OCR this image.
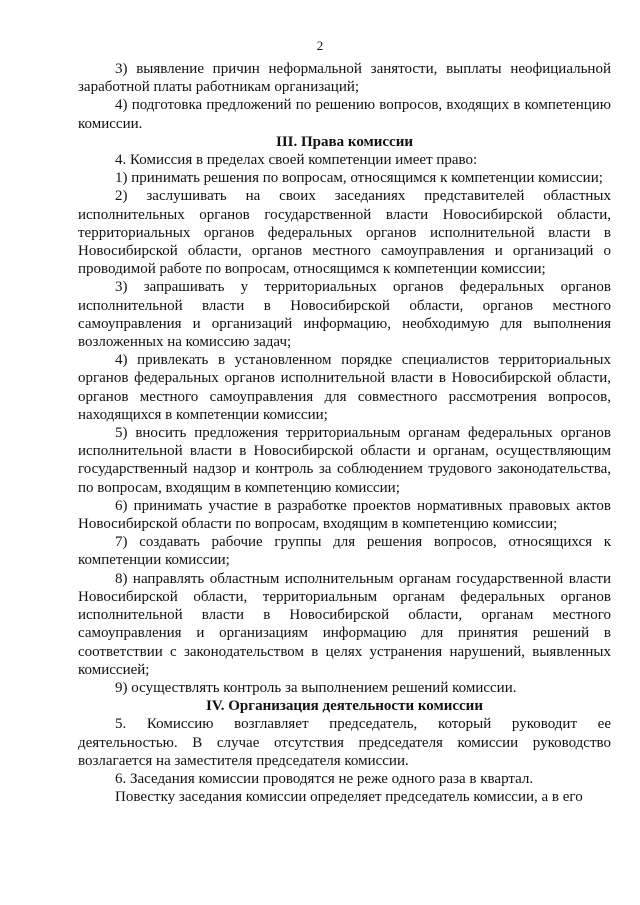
2

3) выявление причин неформальной занятости, выплаты неофициальной заработной платы работникам организаций;

4) подготовка предложений по решению вопросов, входящих в компетенцию комиссии.

III. Права комиссии

4. Комиссия в пределах своей компетенции имеет право:

1) принимать решения по вопросам, относящимся к компетенции комиссии;

2) заслушивать на своих заседаниях представителей областных исполнительных органов государственной власти Новосибирской области, территориальных органов федеральных органов исполнительной власти в Новосибирской области, органов местного самоуправления и организаций о проводимой работе по вопросам, относящимся к компетенции комиссии;

3) запрашивать у территориальных органов федеральных органов исполнительной власти в Новосибирской области, органов местного самоуправления и организаций информацию, необходимую для выполнения возложенных на комиссию задач;

4) привлекать в установленном порядке специалистов территориальных органов федеральных органов исполнительной власти в Новосибирской области, органов местного самоуправления для совместного рассмотрения вопросов, находящихся в компетенции комиссии;

5) вносить предложения территориальным органам федеральных органов исполнительной власти в Новосибирской области и органам, осуществляющим государственный надзор и контроль за соблюдением трудового законодательства, по вопросам, входящим в компетенцию комиссии;

6) принимать участие в разработке проектов нормативных правовых актов Новосибирской области по вопросам, входящим в компетенцию комиссии;

7) создавать рабочие группы для решения вопросов, относящихся к компетенции комиссии;

8) направлять областным исполнительным органам государственной власти Новосибирской области, территориальным органам федеральных органов исполнительной власти в Новосибирской области, органам местного самоуправления и организациям информацию для принятия решений в соответствии с законодательством в целях устранения нарушений, выявленных комиссией;

9) осуществлять контроль за выполнением решений комиссии.

IV. Организация деятельности комиссии

5. Комиссию возглавляет председатель, который руководит ее деятельностью. В случае отсутствия председателя комиссии руководство возлагается на заместителя председателя комиссии.

6. Заседания комиссии проводятся не реже одного раза в квартал.

Повестку заседания комиссии определяет председатель комиссии, а в его
